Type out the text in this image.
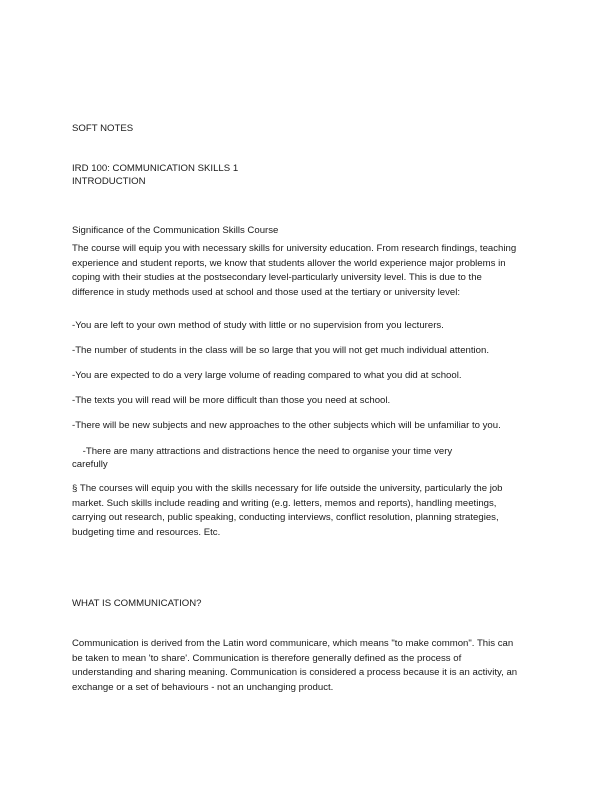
SOFT NOTES
IRD 100: COMMUNICATION SKILLS 1
INTRODUCTION
Significance of the Communication Skills Course
The course will equip you with necessary skills for university education. From research findings, teaching
experience and student reports, we know that students allover the world experience major problems in
coping with their studies at the postsecondary level-particularly university level. This is due to the
difference in study methods used at school and those used at the tertiary or university level:
-You are left to your own method of study with little or no supervision from you lecturers.
-The number of students in the class will be so large that you will not get much individual attention.
-You are expected to do a very large volume of reading compared to what you did at school.
-The texts you will read will be more difficult than those you need at school.
-There will be new subjects and new approaches to the other subjects which will be unfamiliar to you.
-There are many attractions and distractions hence the need to organise your time very
carefully
§ The courses will equip you with the skills necessary for life outside the university, particularly the job
market. Such skills include reading and writing (e.g. letters, memos and reports), handling meetings,
carrying out research, public speaking, conducting interviews, conflict resolution, planning strategies,
budgeting time and resources. Etc.
WHAT IS COMMUNICATION?
Communication is derived from the Latin word communicare, which means "to make common". This can
be taken to mean 'to share'. Communication is therefore generally defined as the process of
understanding and sharing meaning. Communication is considered a process because it is an activity, an
exchange or a set of behaviours - not an unchanging product.
